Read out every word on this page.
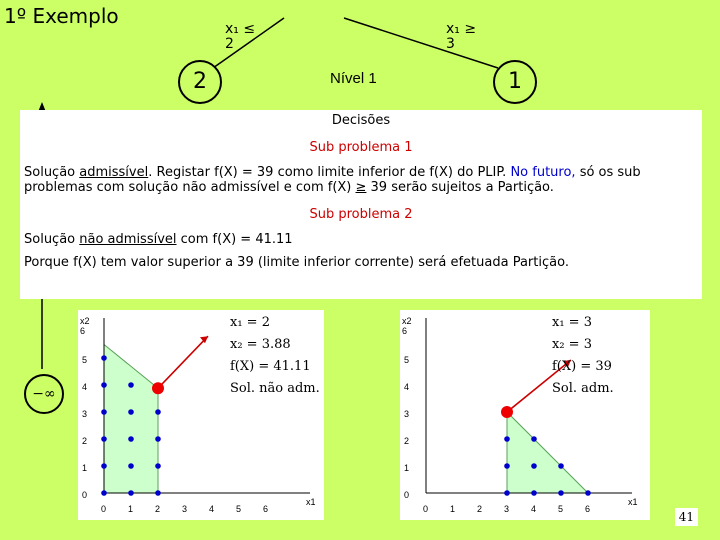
1º Exemplo
x₁ ≤
2
x₁ ≥
3
2	1
Nível 1
Decisões
Sub problema 1

Solução admissível. Registar f(X) = 39 como limite inferior de f(X) do PLIP. No futuro, só os sub problemas com solução não admissível e com f(X) ≥ 39 serão sujeitos a Partição.

Sub problema 2

Solução não admissível com f(X) = 41.11

Porque f(X) tem valor superior a 39 (limite inferior corrente) será efetuada Partição.

−∞
x2
6
5
4
3
2
1
0
0 1 2 3 4 5 6
x1
x₁ = 2
x₂ = 3.88
f(X) = 41.11
Sol. não adm.
x2
6
5
4
3
2
1
0
0 1 2 3 4 5 6
x1
x₁ = 3
x₂ = 3
f(X) = 39
Sol. adm.
41
